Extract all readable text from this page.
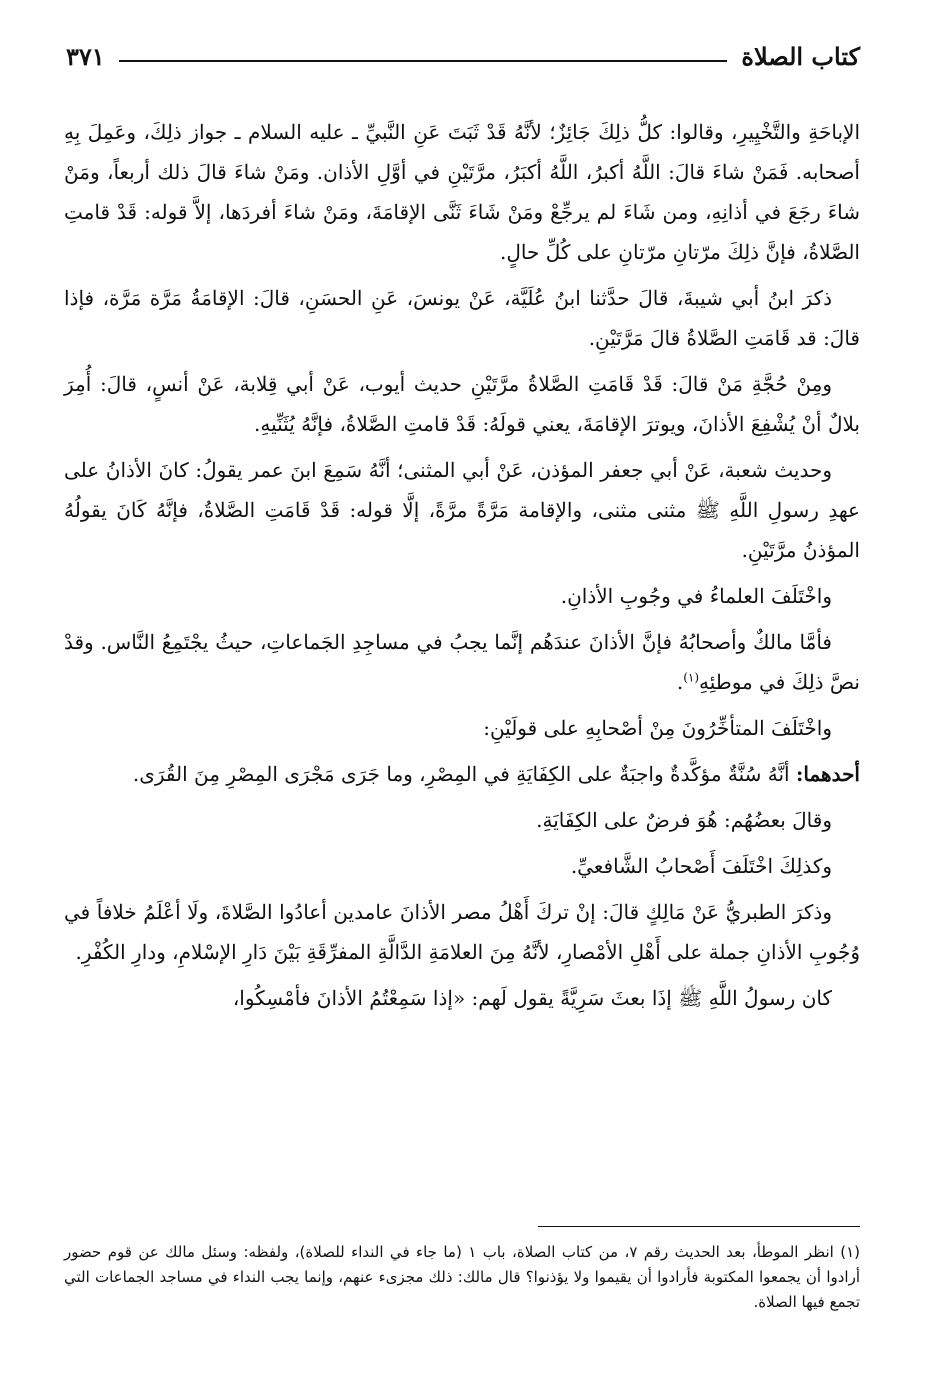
كتاب الصلاة
٣٧١

الإباحَةِ والتَّخْيِيرِ، وقالوا: كلُّ ذلِكَ جَائِزٌ؛ لأنَّهُ قَدْ ثَبَتَ عَنِ النَّبيِّ ـ عليه السلام ـ جواز ذلِكَ، وعَمِلَ بِهِ أصحابه. فَمَنْ شاءَ قالَ: اللَّهُ أكبرُ، اللَّهُ أكبَرُ، مرَّتَيْنِ في أوَّلِ الأذان. ومَنْ شاءَ قالَ ذلك أربعاً، ومَنْ شاءَ رجَعَ في أذانِهِ، ومن شَاءَ لم يرجِّعْ ومَنْ شَاءَ ثَنَّى الإقامَةَ، ومَنْ شاءَ أفردَها، إلاَّ قوله: قَدْ قامتِ الصَّلاةُ، فإنَّ ذلِكَ مرّتانِ مرّتانِ على كُلِّ حالٍ.

ذكرَ ابنُ أبي شيبةَ، قالَ حدَّثنا ابنُ عُلَيَّة، عَنْ يونسَ، عَنِ الحسَنِ، قالَ: الإقامَةُ مَرَّة مَرَّة، فإذا قالَ: قد قَامَتِ الصَّلاةُ قالَ مَرَّتَيْنِ.

ومِنْ حُجَّةِ مَنْ قالَ: قَدْ قَامَتِ الصَّلاةُ مرَّتَيْنِ حديث أيوب، عَنْ أبي قِلابة، عَنْ أنسٍ، قالَ: أُمِرَ بلالٌ أنْ يُشْفِعَ الأذانَ، ويوترَ الإقامَةَ، يعني قولَهُ: قَدْ قامتِ الصَّلاةُ، فإنَّهُ يُثَنِّيهِ.

وحديث شعبة، عَنْ أبي جعفر المؤذن، عَنْ أبي المثنى؛ أنَّهُ سَمِعَ ابنَ عمر يقولُ: كانَ الأذانُ على عهدِ رسولِ اللَّهِ ﷺ مثنى مثنى، والإقامة مَرَّةً مرَّةً، إلَّا قوله: قَدْ قَامَتِ الصَّلاةُ، فإنَّهُ كَانَ يقولُهُ المؤذنُ مرَّتَيْنِ.

واخْتَلَفَ العلماءُ في وجُوبِ الأذانِ.

فأمَّا مالكٌ وأصحابُهُ فإنَّ الأذانَ عندَهُم إنَّما يجبُ في مساجِدِ الجَماعاتِ، حيثُ يجْتَمِعُ النَّاس. وقدْ نصَّ ذلِكَ في موطئِهِ$^{(١)}$.

واخْتَلَفَ المتأخِّرُونَ مِنْ أصْحابِهِ على قولَيْنِ:

أحدهما: أنَّهُ سُنَّةٌ مؤكَّدةٌ واجبَةٌ على الكِفَايَةِ في المِصْرِ، وما جَرَى مَجْرَى المِصْرِ مِنَ القُرَى.

وقالَ بعضُهُم: هُوَ فرضٌ على الكِفَايَةِ.

وكذلِكَ اخْتَلَفَ أَصْحابُ الشَّافعيِّ.

وذكرَ الطبريُّ عَنْ مَالِكٍ قالَ: إنْ تركَ أَهْلُ مصر الأذانَ عامدين أعادُوا الصَّلاةَ، ولَا أعْلَمُ خلافاً في وُجُوبِ الأذانِ جملة على أَهْلِ الأمْصارِ، لأنَّهُ مِنَ العلامَةِ الدَّالَّةِ المفرِّقَةِ بَيْنَ دَارِ الإسْلامِ، ودارِ الكُفْرِ.

كان رسولُ اللَّهِ ﷺ إذَا بعثَ سَرِيَّةً يقول لَهم: «إذا سَمِعْتُمُ الأذانَ فأمْسِكُوا،

(١) انظر الموطأ، بعد الحديث رقم ٧، من كتاب الصلاة، باب ١ (ما جاء في النداء للصلاة)، ولفظه: وسئل مالك عن قوم حضور أرادوا أن يجمعوا المكتوبة فأرادوا أن يقيموا ولا يؤذنوا؟ قال مالك: ذلك مجزىء عنهم، وإنما يجب النداء في مساجد الجماعات التي تجمع فيها الصلاة.
